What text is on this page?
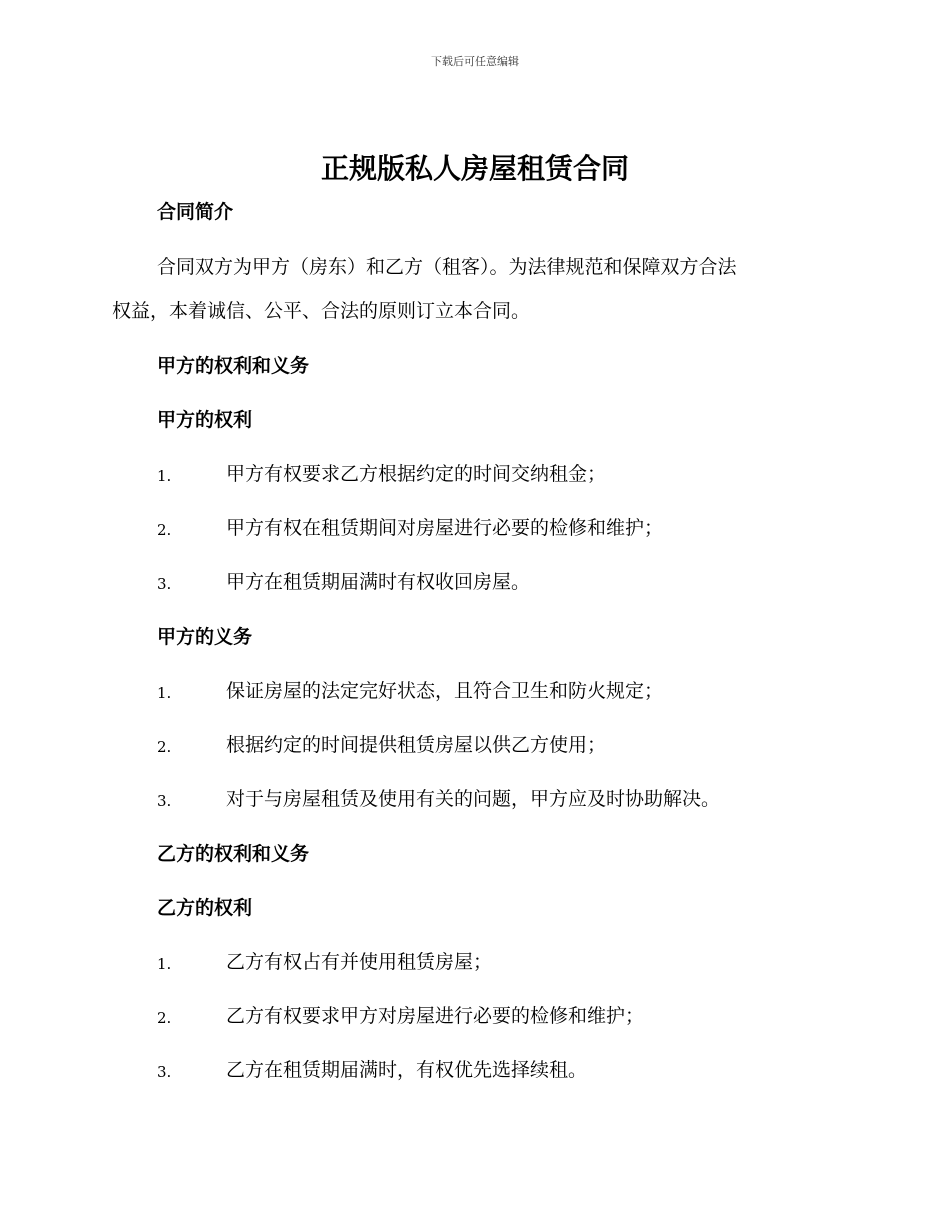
下载后可任意编辑
正规版私人房屋租赁合同
合同简介
合同双方为甲方（房东）和乙方（租客）。为法律规范和保障双方合法
权益，本着诚信、公平、合法的原则订立本合同。
甲方的权利和义务
甲方的权利
1.	甲方有权要求乙方根据约定的时间交纳租金；
2.	甲方有权在租赁期间对房屋进行必要的检修和维护；
3.	甲方在租赁期届满时有权收回房屋。
甲方的义务
1.	保证房屋的法定完好状态，且符合卫生和防火规定；
2.	根据约定的时间提供租赁房屋以供乙方使用；
3.	对于与房屋租赁及使用有关的问题，甲方应及时协助解决。
乙方的权利和义务
乙方的权利
1.	乙方有权占有并使用租赁房屋；
2.	乙方有权要求甲方对房屋进行必要的检修和维护；
3.	乙方在租赁期届满时，有权优先选择续租。
